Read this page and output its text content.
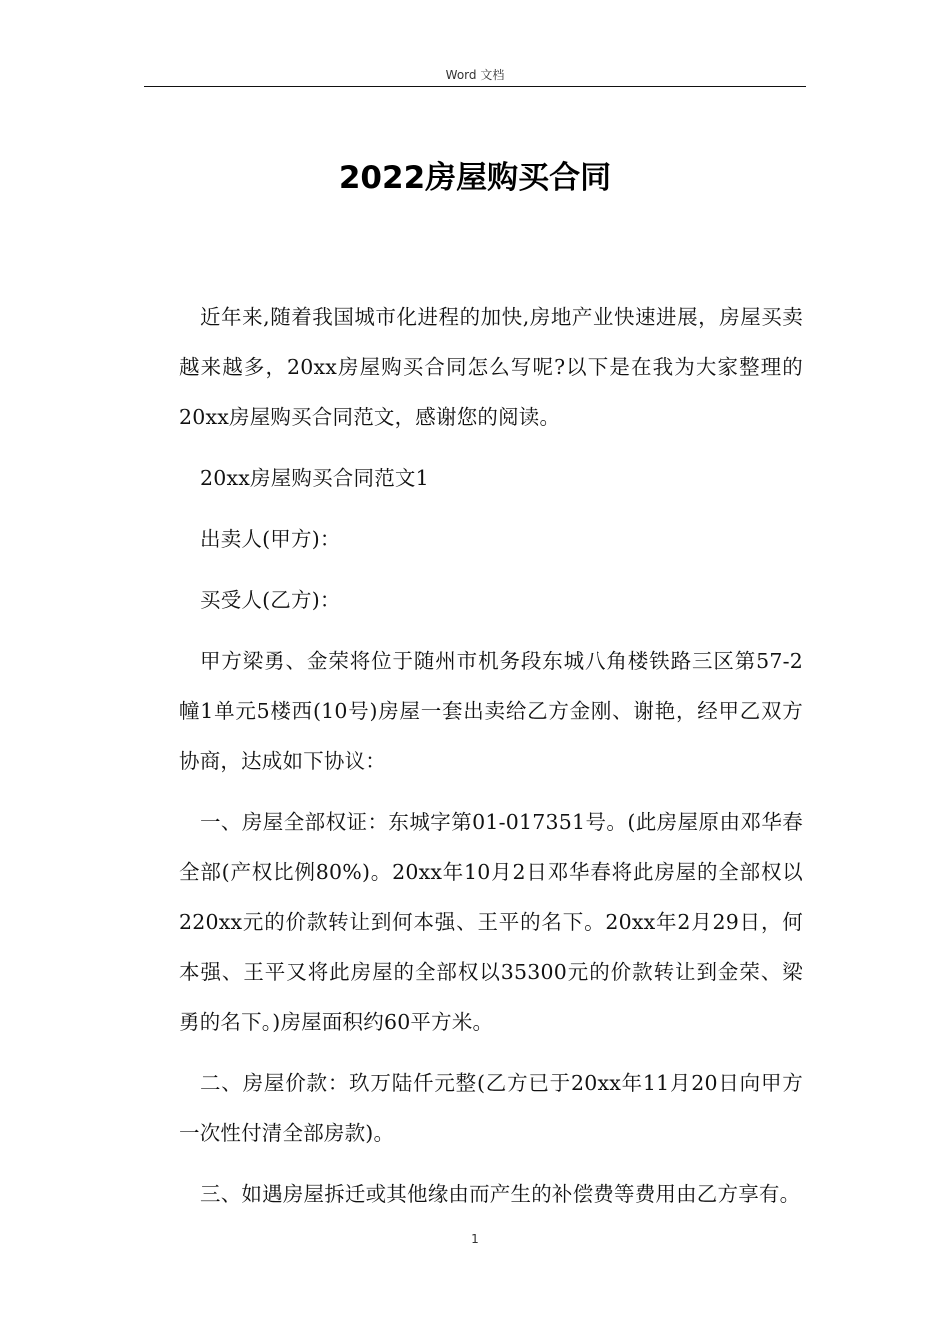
Word 文档
2022房屋购买合同

近年来,随着我国城市化进程的加快,房地产业快速进展，房屋买卖越来越多，20xx房屋购买合同怎么写呢?以下是在我为大家整理的20xx房屋购买合同范文，感谢您的阅读。

20xx房屋购买合同范文1

出卖人(甲方)：

买受人(乙方)：

甲方梁勇、金荣将位于随州市机务段东城八角楼铁路三区第57-2幢1单元5楼西(10号)房屋一套出卖给乙方金刚、谢艳，经甲乙双方协商，达成如下协议：

一、房屋全部权证：东城字第01-017351号。(此房屋原由邓华春全部(产权比例80%)。20xx年10月2日邓华春将此房屋的全部权以220xx元的价款转让到何本强、王平的名下。20xx年2月29日，何本强、王平又将此房屋的全部权以35300元的价款转让到金荣、梁勇的名下。)房屋面积约60平方米。

二、房屋价款：玖万陆仟元整(乙方已于20xx年11月20日向甲方一次性付清全部房款)。

三、如遇房屋拆迁或其他缘由而产生的补偿费等费用由乙方享有。

1
